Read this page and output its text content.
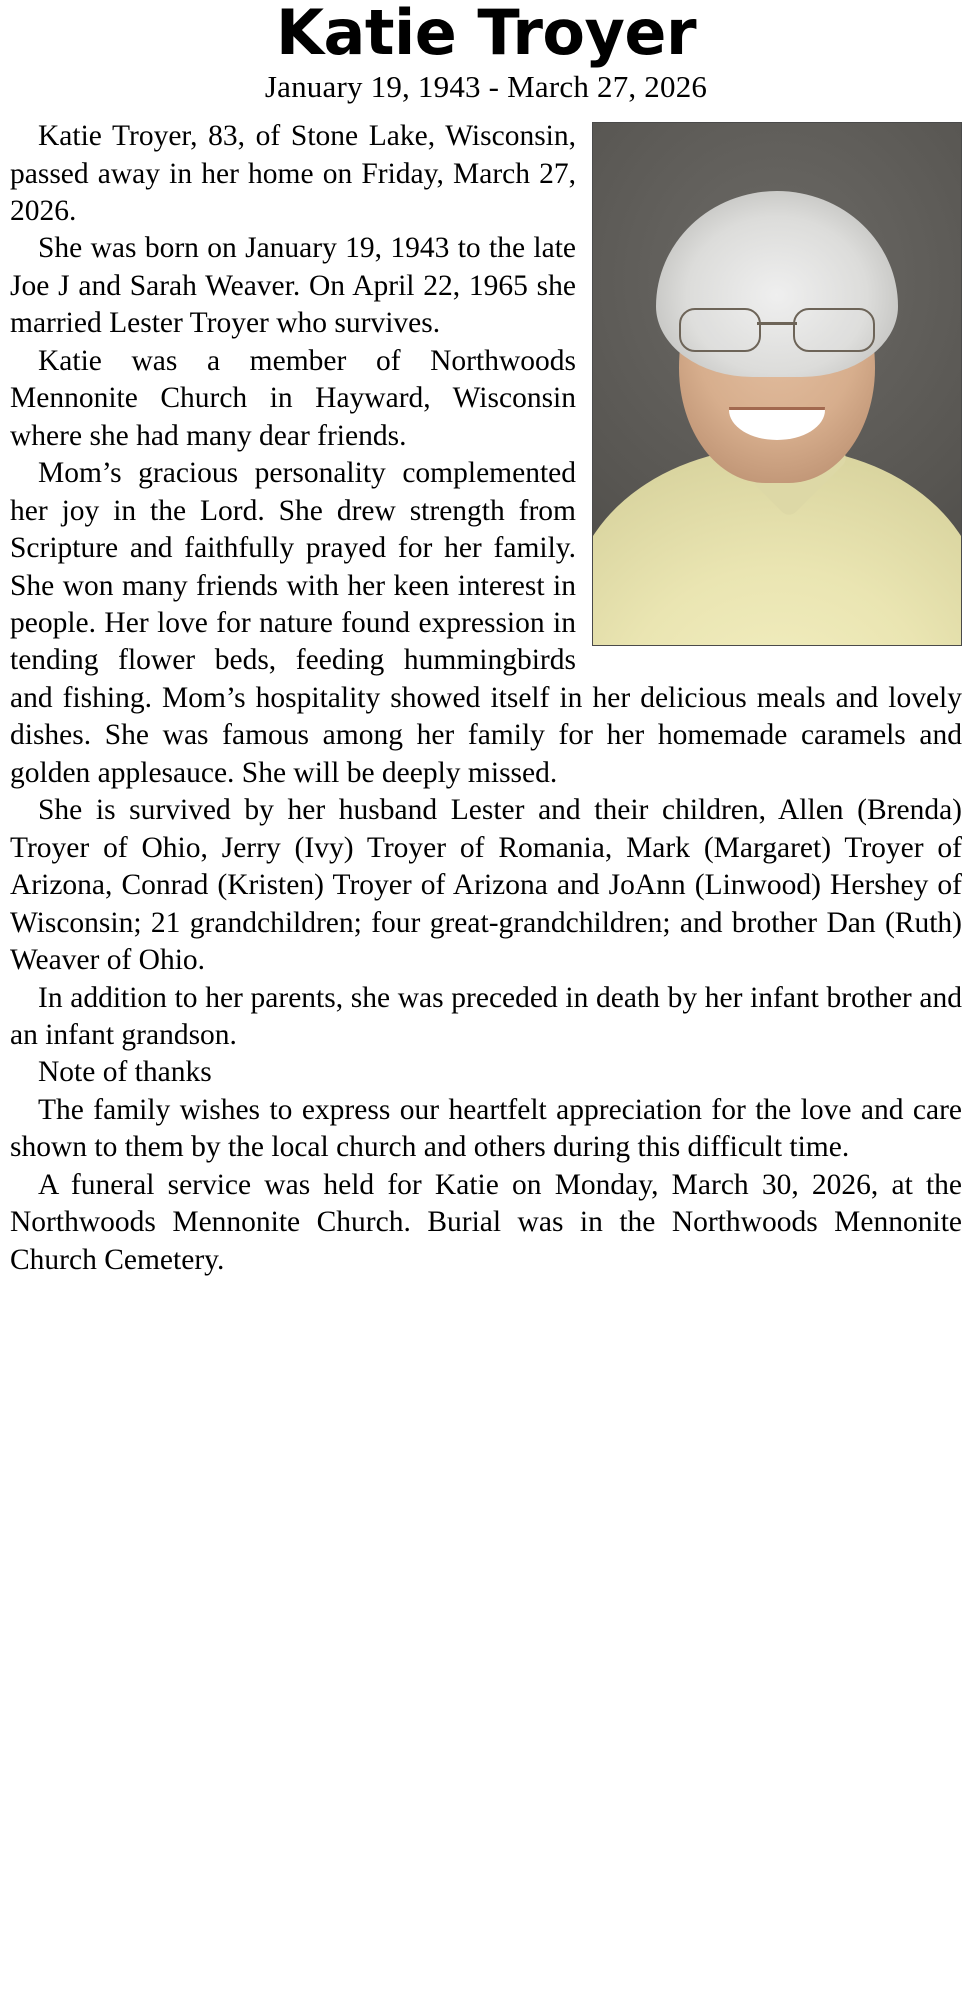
Katie Troyer
January 19, 1943 - March 27, 2026

Katie Troyer, 83, of Stone Lake, Wisconsin, passed away in her home on Friday, March 27, 2026.

She was born on January 19, 1943 to the late Joe J and Sarah Weaver. On April 22, 1965 she married Lester Troyer who survives.

Katie was a member of Northwoods Mennonite Church in Hayward, Wisconsin where she had many dear friends.

Mom’s gracious personality complemented her joy in the Lord. She drew strength from Scripture and faithfully prayed for her family. She won many friends with her keen interest in people. Her love for nature found expression in tending flower beds, feeding hummingbirds and fishing. Mom’s hospitality showed itself in her delicious meals and lovely dishes. She was famous among her family for her homemade caramels and golden applesauce. She will be deeply missed.

She is survived by her husband Lester and their children, Allen (Brenda) Troyer of Ohio, Jerry (Ivy) Troyer of Romania, Mark (Margaret) Troyer of Arizona, Conrad (Kristen) Troyer of Arizona and JoAnn (Linwood) Hershey of Wisconsin; 21 grandchildren; four great-grandchildren; and brother Dan (Ruth) Weaver of Ohio.

In addition to her parents, she was preceded in death by her infant brother and an infant grandson.

Note of thanks

The family wishes to express our heartfelt appreciation for the love and care shown to them by the local church and others during this difficult time.

A funeral service was held for Katie on Monday, March 30, 2026, at the Northwoods Mennonite Church. Burial was in the Northwoods Mennonite Church Cemetery.
